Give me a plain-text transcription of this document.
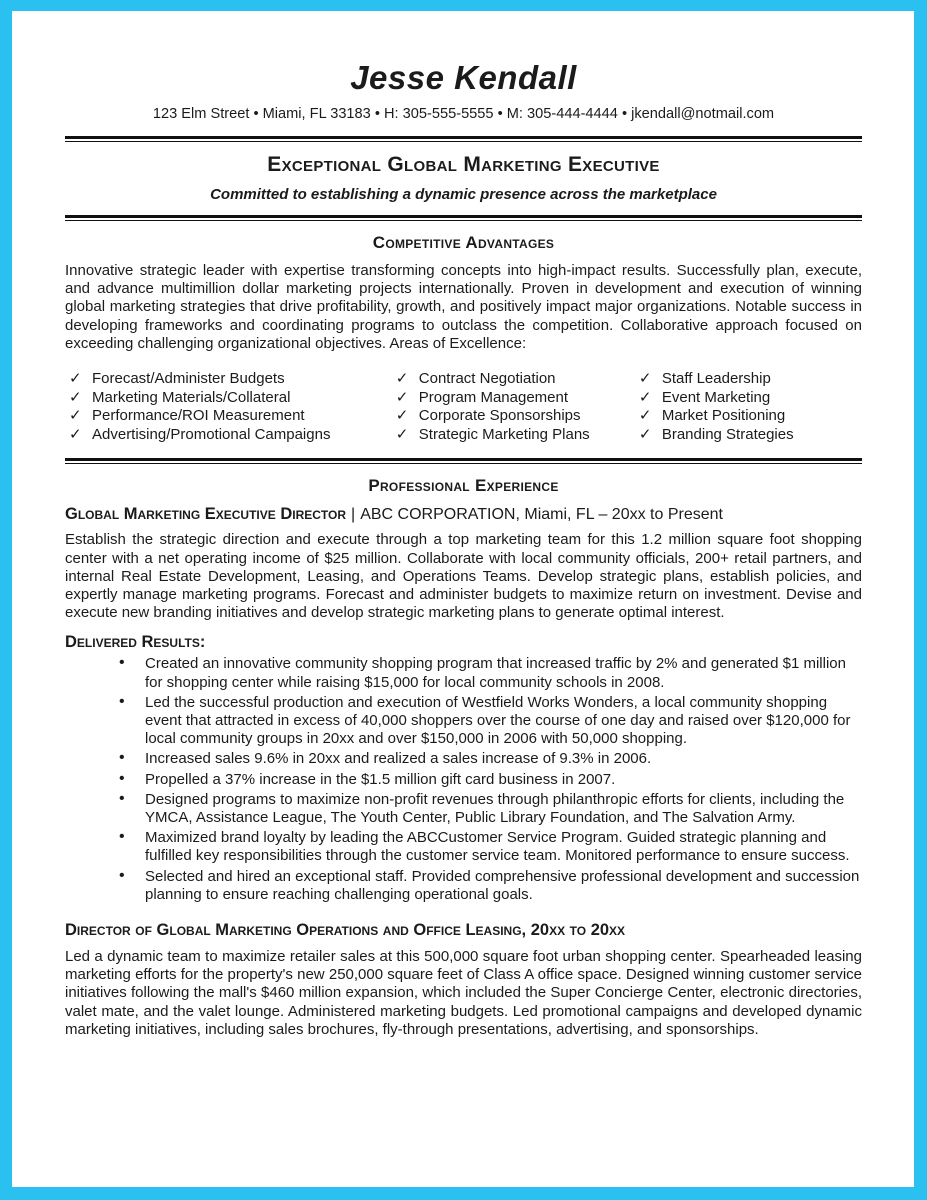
Jesse Kendall
123 Elm Street • Miami, FL 33183 • H: 305-555-5555 • M: 305-444-4444 • jkendall@notmail.com
Exceptional Global Marketing Executive
Committed to establishing a dynamic presence across the marketplace
Competitive Advantages

Innovative strategic leader with expertise transforming concepts into high-impact results. Successfully plan, execute, and advance multimillion dollar marketing projects internationally. Proven in development and execution of winning global marketing strategies that drive profitability, growth, and positively impact major organizations. Notable success in developing frameworks and coordinating programs to outclass the competition. Collaborative approach focused on exceeding challenging organizational objectives. Areas of Excellence:

✓ Forecast/Administer Budgets
✓ Marketing Materials/Collateral
✓ Performance/ROI Measurement
✓ Advertising/Promotional Campaigns
✓ Contract Negotiation
✓ Program Management
✓ Corporate Sponsorships
✓ Strategic Marketing Plans
✓ Staff Leadership
✓ Event Marketing
✓ Market Positioning
✓ Branding Strategies
Professional Experience
Global Marketing Executive Director | ABC CORPORATION, Miami, FL – 20xx to Present

Establish the strategic direction and execute through a top marketing team for this 1.2 million square foot shopping center with a net operating income of $25 million. Collaborate with local community officials, 200+ retail partners, and internal Real Estate Development, Leasing, and Operations Teams. Develop strategic plans, establish policies, and expertly manage marketing programs. Forecast and administer budgets to maximize return on investment. Devise and execute new branding initiatives and develop strategic marketing plans to generate optimal interest.

Delivered Results:
• Created an innovative community shopping program that increased traffic by 2% and generated $1 million for shopping center while raising $15,000 for local community schools in 2008.
• Led the successful production and execution of Westfield Works Wonders, a local community shopping event that attracted in excess of 40,000 shoppers over the course of one day and raised over $120,000 for local community groups in 20xx and over $150,000 in 2006 with 50,000 shopping.
• Increased sales 9.6% in 20xx and realized a sales increase of 9.3% in 2006.
• Propelled a 37% increase in the $1.5 million gift card business in 2007.
• Designed programs to maximize non-profit revenues through philanthropic efforts for clients, including the YMCA, Assistance League, The Youth Center, Public Library Foundation, and The Salvation Army.
• Maximized brand loyalty by leading the ABCCustomer Service Program. Guided strategic planning and fulfilled key responsibilities through the customer service team. Monitored performance to ensure success.
• Selected and hired an exceptional staff. Provided comprehensive professional development and succession planning to ensure reaching challenging operational goals.
Director of Global Marketing Operations and Office Leasing, 20xx to 20xx

Led a dynamic team to maximize retailer sales at this 500,000 square foot urban shopping center. Spearheaded leasing marketing efforts for the property's new 250,000 square feet of Class A office space. Designed winning customer service initiatives following the mall's $460 million expansion, which included the Super Concierge Center, electronic directories, valet mate, and the valet lounge. Administered marketing budgets. Led promotional campaigns and developed dynamic marketing initiatives, including sales brochures, fly-through presentations, advertising, and sponsorships.
